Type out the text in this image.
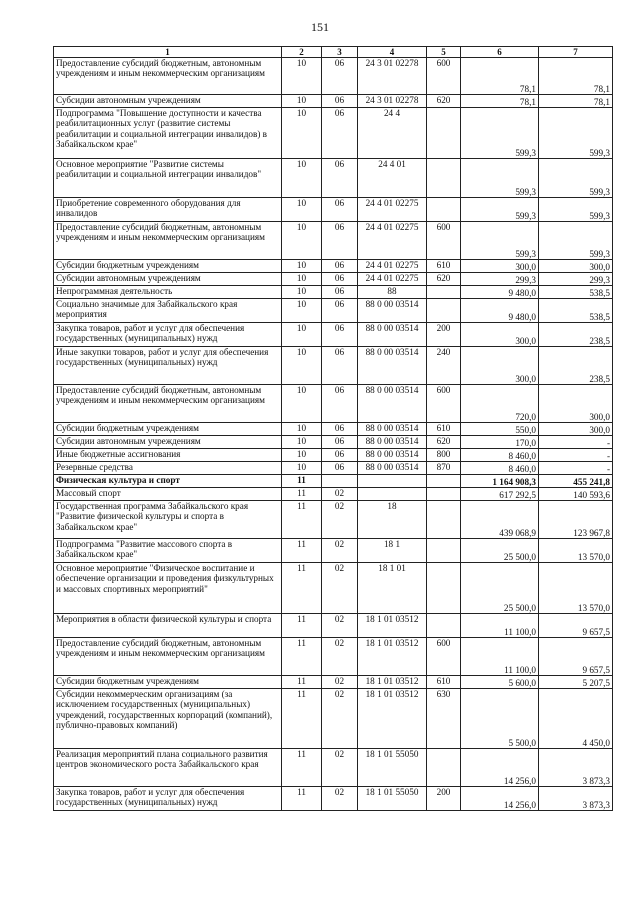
151
1	2	3	4	5	6	7
Предоставление субсидий бюджетным, автономным учреждениям и иным некоммерческим организациям	10	06	24 3 01 02278	600	78,1	78,1
Субсидии автономным учреждениям	10	06	24 3 01 02278	620	78,1	78,1
Подпрограмма "Повышение доступности и качества реабилитационных услуг (развитие системы реабилитации и социальной интеграции инвалидов) в Забайкальском крае"	10	06	24 4		599,3	599,3
Основное мероприятие "Развитие системы реабилитации и социальной интеграции инвалидов"	10	06	24 4 01		599,3	599,3
Приобретение современного оборудования для инвалидов	10	06	24 4 01 02275		599,3	599,3
Предоставление субсидий бюджетным, автономным учреждениям и иным некоммерческим организациям	10	06	24 4 01 02275	600	599,3	599,3
Субсидии бюджетным учреждениям	10	06	24 4 01 02275	610	300,0	300,0
Субсидии автономным учреждениям	10	06	24 4 01 02275	620	299,3	299,3
Непрограммная деятельность	10	06	88		9 480,0	538,5
Социально значимые для Забайкальского края мероприятия	10	06	88 0 00 03514		9 480,0	538,5
Закупка товаров, работ и услуг для обеспечения государственных (муниципальных) нужд	10	06	88 0 00 03514	200	300,0	238,5
Иные закупки товаров, работ и услуг для обеспечения государственных (муниципальных) нужд	10	06	88 0 00 03514	240	300,0	238,5
Предоставление субсидий бюджетным, автономным учреждениям и иным некоммерческим организациям	10	06	88 0 00 03514	600	720,0	300,0
Субсидии бюджетным учреждениям	10	06	88 0 00 03514	610	550,0	300,0
Субсидии автономным учреждениям	10	06	88 0 00 03514	620	170,0	-
Иные бюджетные ассигнования	10	06	88 0 00 03514	800	8 460,0	-
Резервные средства	10	06	88 0 00 03514	870	8 460,0	-
Физическая культура и спорт	11				1 164 908,3	455 241,8
Массовый спорт	11	02			617 292,5	140 593,6
Государственная программа Забайкальского края "Развитие физической культуры и спорта в Забайкальском крае"	11	02	18		439 068,9	123 967,8
Подпрограмма "Развитие массового спорта в Забайкальском крае"	11	02	18 1		25 500,0	13 570,0
Основное мероприятие "Физическое воспитание и обеспечение организации и проведения физкультурных и массовых спортивных мероприятий"	11	02	18 1 01		25 500,0	13 570,0
Мероприятия в области физической культуры и спорта	11	02	18 1 01 03512		11 100,0	9 657,5
Предоставление субсидий бюджетным, автономным учреждениям и иным некоммерческим организациям	11	02	18 1 01 03512	600	11 100,0	9 657,5
Субсидии бюджетным учреждениям	11	02	18 1 01 03512	610	5 600,0	5 207,5
Субсидии некоммерческим организациям (за исключением государственных (муниципальных) учреждений, государственных корпораций (компаний), публично-правовых компаний)	11	02	18 1 01 03512	630	5 500,0	4 450,0
Реализация мероприятий плана социального развития центров экономического роста Забайкальского края	11	02	18 1 01 55050		14 256,0	3 873,3
Закупка товаров, работ и услуг для обеспечения государственных (муниципальных) нужд	11	02	18 1 01 55050	200	14 256,0	3 873,3
